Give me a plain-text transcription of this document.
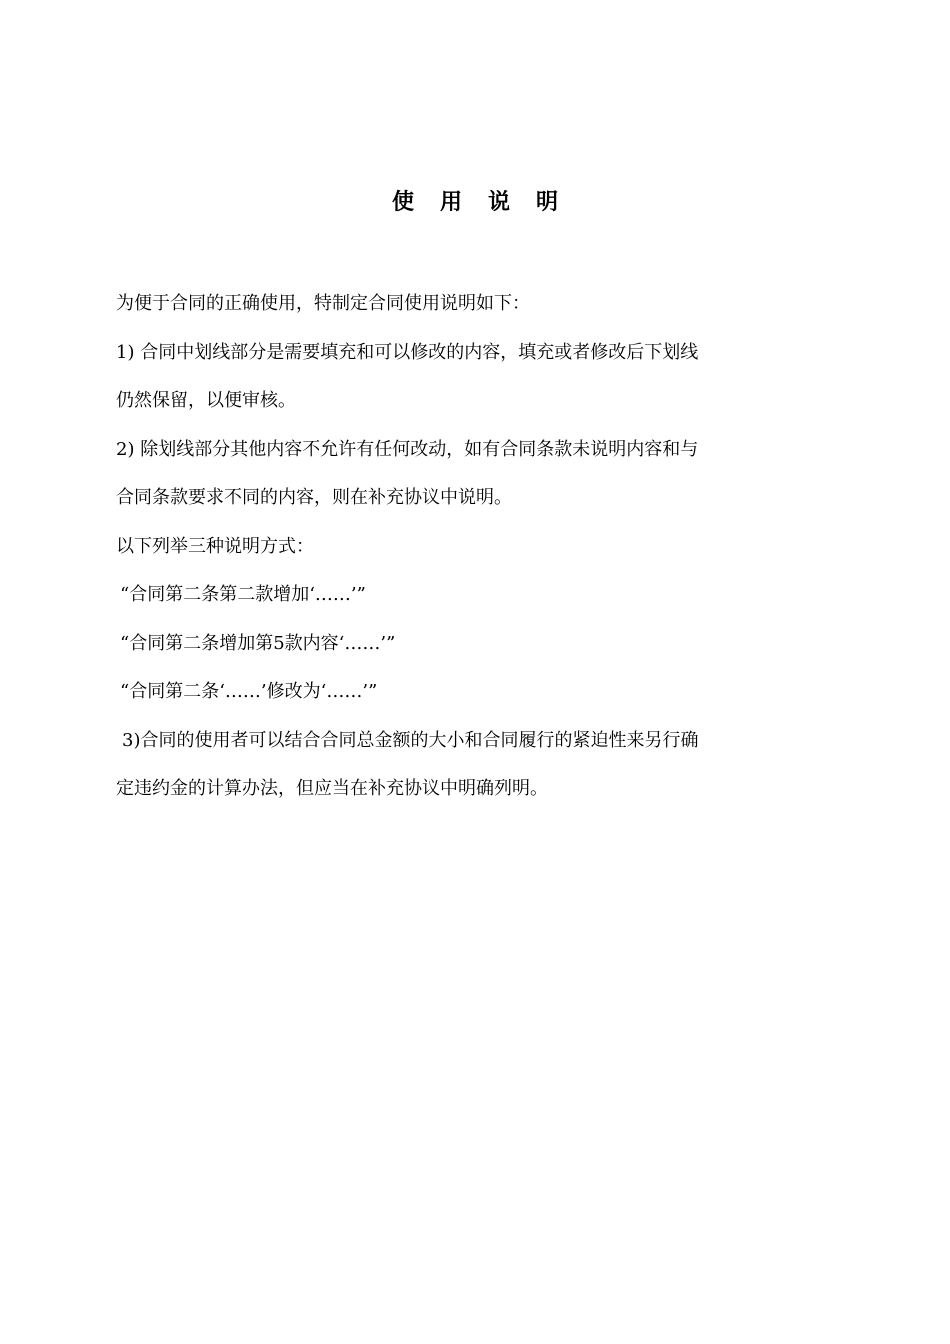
使用说明
为便于合同的正确使用，特制定合同使用说明如下：
1) 合同中划线部分是需要填充和可以修改的内容，填充或者修改后下划线
仍然保留，以便审核。
2) 除划线部分其他内容不允许有任何改动，如有合同条款未说明内容和与
合同条款要求不同的内容，则在补充协议中说明。
以下列举三种说明方式：
“合同第二条第二款增加‘……’”
“合同第二条增加第5款内容‘……’”
“合同第二条‘……’修改为‘……’”
3)合同的使用者可以结合合同总金额的大小和合同履行的紧迫性来另行确
定违约金的计算办法，但应当在补充协议中明确列明。
